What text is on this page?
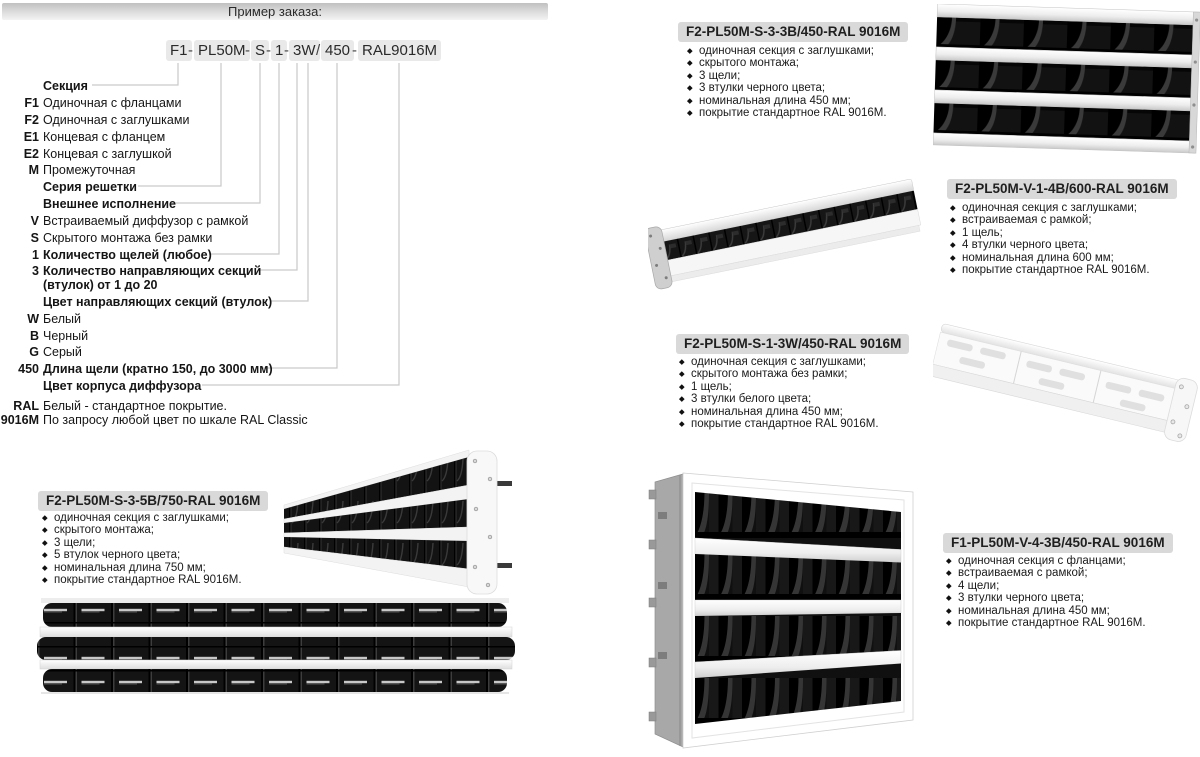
Пример заказа:
F1 - PL50M - S - 1 - 3W / 450 - RAL9016M
Секция
F1 Одиночная с фланцами
F2 Одиночная с заглушками
E1 Концевая с фланцем
E2 Концевая с заглушкой
M Промежуточная
Серия решетки
Внешнее исполнение
V Встраиваемый диффузор с рамкой
S Скрытого монтажа без рамки
1 Количество щелей (любое)
3 Количество направляющих секций
(втулок) от 1 до 20
Цвет направляющих секций (втулок)
W Белый
B Черный
G Серый
450 Длина щели (кратно 150, до 3000 мм)
Цвет корпуса диффузора
RAL Белый - стандартное покрытие.
9016M По запросу любой цвет по шкале RAL Classic
F2-PL50M-S-3-3B/450-RAL 9016M
одиночная секция с заглушками;
скрытого монтажа;
3 щели;
3 втулки черного цвета;
номинальная длина 450 мм;
покрытие стандартное RAL 9016M.
F2-PL50M-V-1-4B/600-RAL 9016M
одиночная секция с заглушками;
встраиваемая с рамкой;
1 щель;
4 втулки черного цвета;
номинальная длина 600 мм;
покрытие стандартное RAL 9016M.
F2-PL50M-S-1-3W/450-RAL 9016M
одиночная секция с заглушками;
скрытого монтажа без рамки;
1 щель;
3 втулки белого цвета;
номинальная длина 450 мм;
покрытие стандартное RAL 9016M.
F2-PL50M-S-3-5B/750-RAL 9016M
одиночная секция с заглушками;
скрытого монтажа;
3 щели;
5 втулок черного цвета;
номинальная длина 750 мм;
покрытие стандартное RAL 9016M.
F1-PL50M-V-4-3B/450-RAL 9016M
одиночная секция с фланцами;
встраиваемая с рамкой;
4 щели;
3 втулки черного цвета;
номинальная длина 450 мм;
покрытие стандартное RAL 9016M.
